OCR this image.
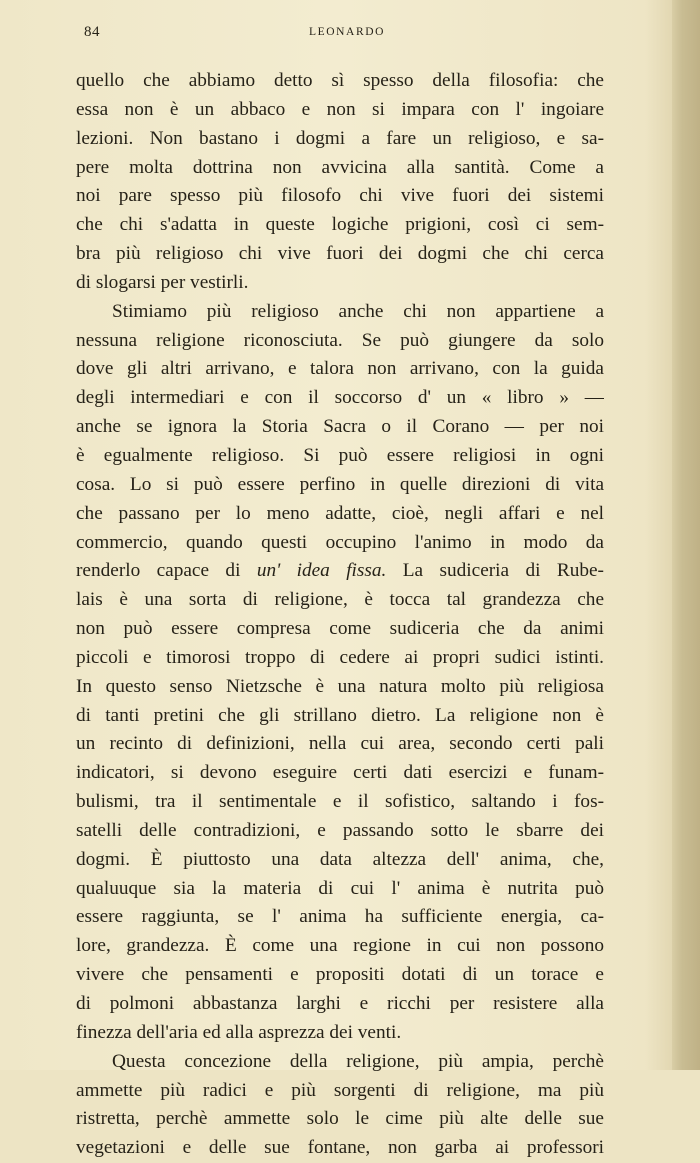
84	LEONARDO
quello che abbiamo detto sì spesso della filosofia: che
essa non è un abbaco e non si impara con l' ingoiare
lezioni. Non bastano i dogmi a fare un religioso, e sa-
pere molta dottrina non avvicina alla santità. Come a
noi pare spesso più filosofo chi vive fuori dei sistemi
che chi s'adatta in queste logiche prigioni, così ci sem-
bra più religioso chi vive fuori dei dogmi che chi cerca
di slogarsi per vestirli.
Stimiamo più religioso anche chi non appartiene a
nessuna religione riconosciuta. Se può giungere da solo
dove gli altri arrivano, e talora non arrivano, con la guida
degli intermediari e con il soccorso d' un « libro » —
anche se ignora la Storia Sacra o il Corano — per noi
è egualmente religioso. Si può essere religiosi in ogni
cosa. Lo si può essere perfino in quelle direzioni di vita
che passano per lo meno adatte, cioè, negli affari e nel
commercio, quando questi occupino l'animo in modo da
renderlo capace di un' idea fissa. La sudiceria di Rube-
lais è una sorta di religione, è tocca tal grandezza che
non può essere compresa come sudiceria che da animi
piccoli e timorosi troppo di cedere ai propri sudici istinti.
In questo senso Nietzsche è una natura molto più religiosa
di tanti pretini che gli strillano dietro. La religione non è
un recinto di definizioni, nella cui area, secondo certi pali
indicatori, si devono eseguire certi dati esercizi e funam-
bulismi, tra il sentimentale e il sofistico, saltando i fos-
satelli delle contradizioni, e passando sotto le sbarre dei
dogmi. È piuttosto una data altezza dell' anima, che,
qualuuque sia la materia di cui l' anima è nutrita può
essere raggiunta, se l' anima ha sufficiente energia, ca-
lore, grandezza. È come una regione in cui non possono
vivere che pensamenti e propositi dotati di un torace e
di polmoni abbastanza larghi e ricchi per resistere alla
finezza dell'aria ed alla asprezza dei venti.
Questa concezione della religione, più ampia, perchè
ammette più radici e più sorgenti di religione, ma più
ristretta, perchè ammette solo le cime più alte delle sue
vegetazioni e delle sue fontane, non garba ai professori
